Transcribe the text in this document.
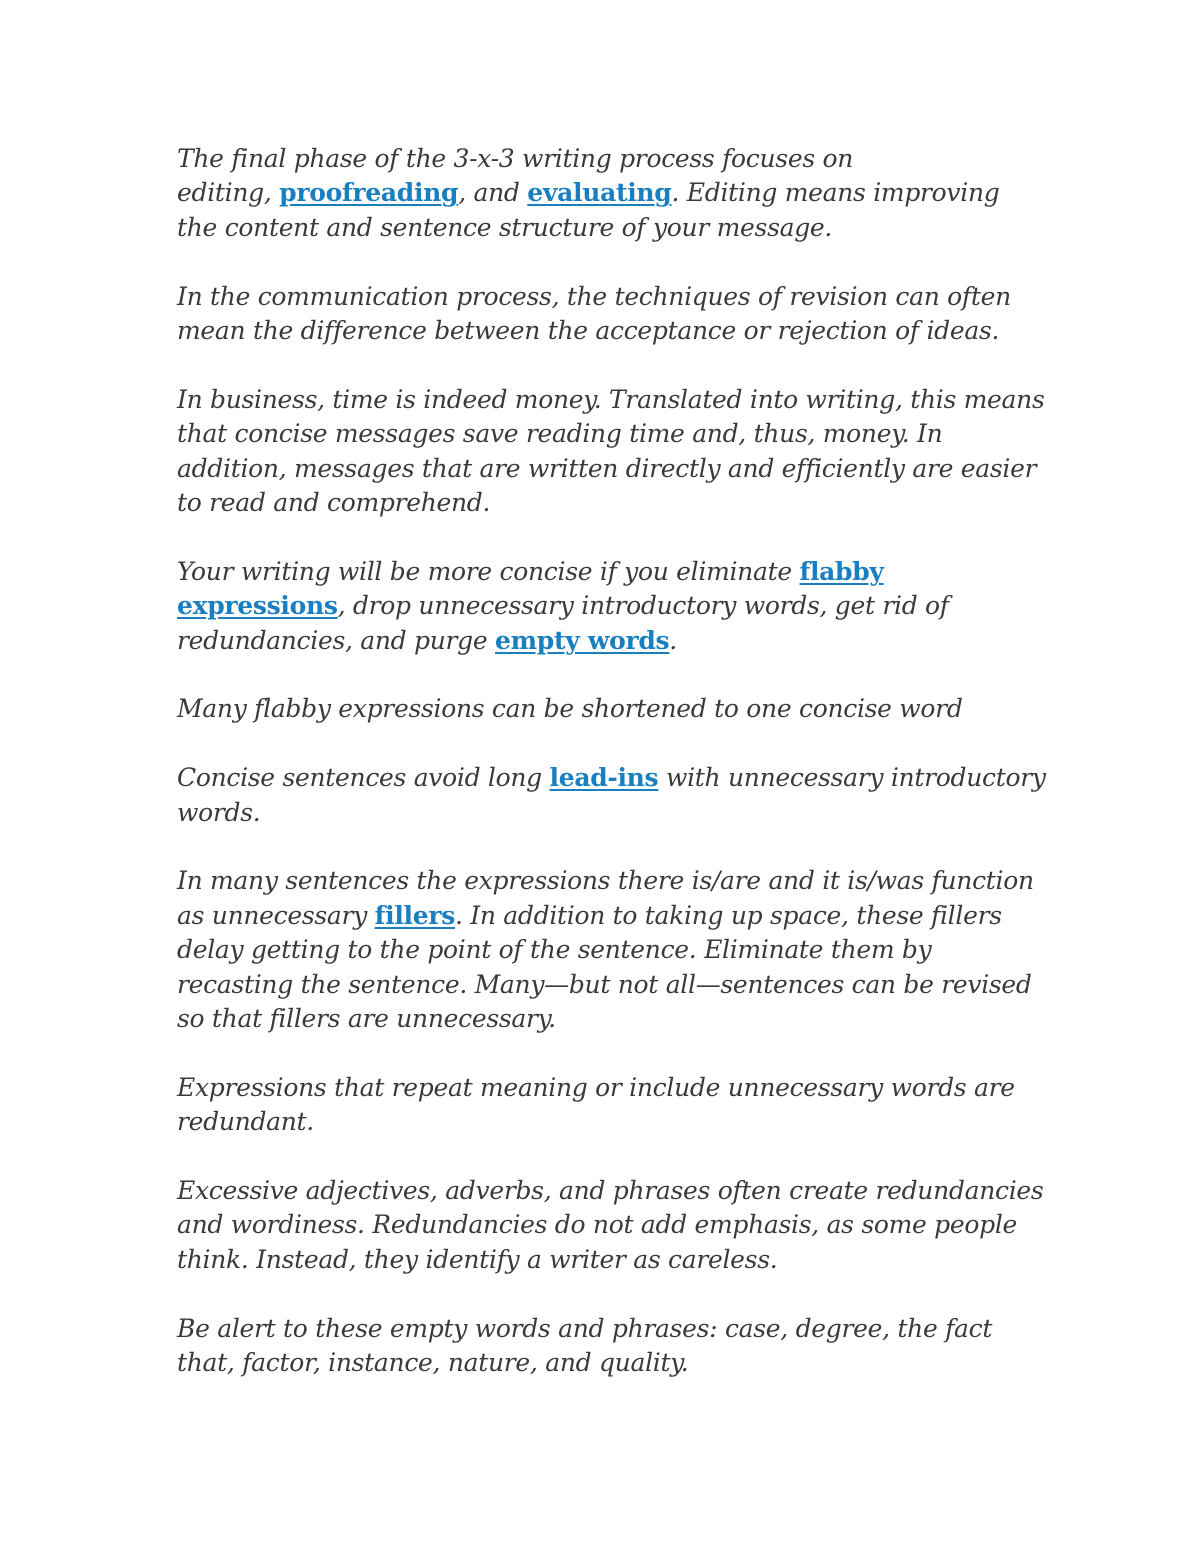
The final phase of the 3-x-3 writing process focuses on
editing, proofreading, and evaluating. Editing means improving
the content and sentence structure of your message.
In the communication process, the techniques of revision can often
mean the difference between the acceptance or rejection of ideas.
In business, time is indeed money. Translated into writing, this means
that concise messages save reading time and, thus, money. In
addition, messages that are written directly and efficiently are easier
to read and comprehend.
Your writing will be more concise if you eliminate flabby
expressions, drop unnecessary introductory words, get rid of
redundancies, and purge empty words.
Many flabby expressions can be shortened to one concise word
Concise sentences avoid long lead-ins with unnecessary introductory
words.
In many sentences the expressions there is/are and it is/was function
as unnecessary fillers. In addition to taking up space, these fillers
delay getting to the point of the sentence. Eliminate them by
recasting the sentence. Many—but not all—sentences can be revised
so that fillers are unnecessary.
Expressions that repeat meaning or include unnecessary words are
redundant.
Excessive adjectives, adverbs, and phrases often create redundancies
and wordiness. Redundancies do not add emphasis, as some people
think. Instead, they identify a writer as careless.
Be alert to these empty words and phrases: case, degree, the fact
that, factor, instance, nature, and quality.
